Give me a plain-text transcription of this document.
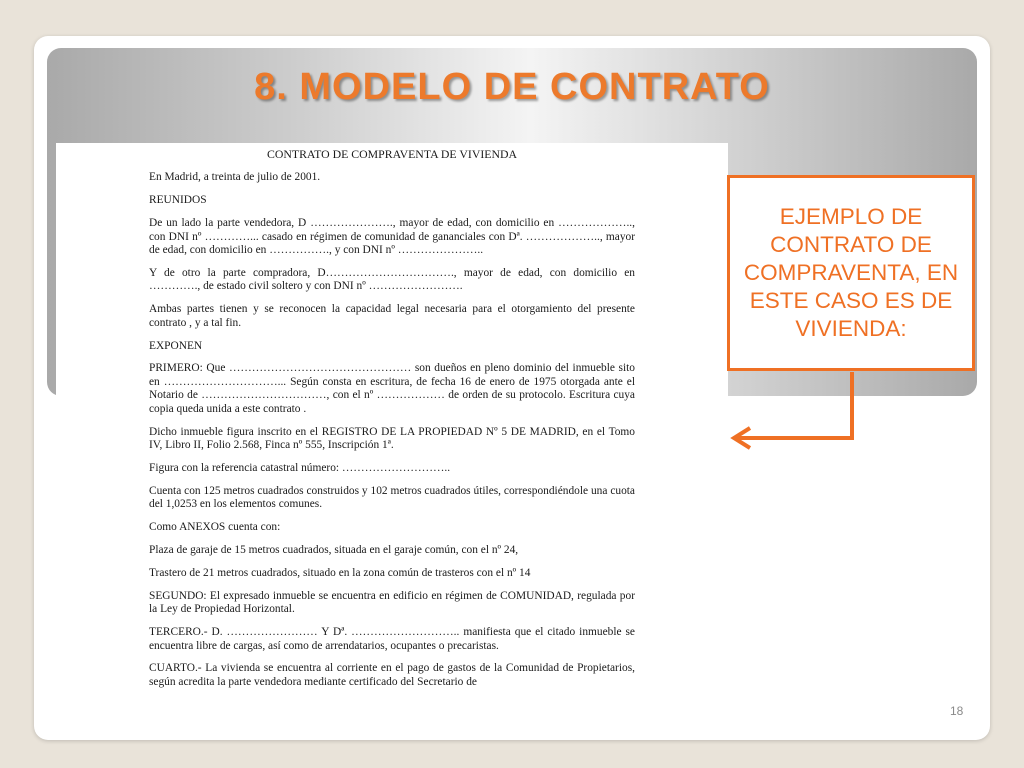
8. MODELO DE CONTRATO
CONTRATO DE COMPRAVENTA DE VIVIENDA

En Madrid, a treinta de julio de 2001.

REUNIDOS

De un lado la parte vendedora, D …………………., mayor de edad, con domicilio en ……………….., con DNI nº …………... casado en régimen de comunidad de gananciales con Dª. ……………….., mayor de edad, con domicilio en ……………., y con DNI nº …………………..

Y de otro la parte compradora, D……………………………., mayor de edad, con domicilio en …………., de estado civil soltero y con DNI nº …………………….

Ambas partes tienen y se reconocen la capacidad legal necesaria para el otorgamiento del presente contrato , y a tal fin.

EXPONEN

PRIMERO: Que ………………………………………… son dueños en pleno dominio del inmueble sito en …………………………... Según consta en escritura, de fecha 16 de enero de 1975 otorgada ante el Notario de ……………………………, con el nº ……………… de orden de su protocolo. Escritura cuya copia queda unida a este contrato .

Dicho inmueble figura inscrito en el REGISTRO DE LA PROPIEDAD Nº 5 DE MADRID, en el Tomo IV, Libro II, Folio 2.568, Finca nº 555, Inscripción 1ª.

Figura con la referencia catastral número: ………………………..

Cuenta con 125 metros cuadrados construidos y 102 metros cuadrados útiles, correspondiéndole una cuota del 1,0253 en los elementos comunes.

Como ANEXOS cuenta con:

Plaza de garaje de 15 metros cuadrados, situada en el garaje común, con el nº 24,

Trastero de 21 metros cuadrados, situado en la zona común de trasteros con el nº 14

SEGUNDO: El expresado inmueble se encuentra en edificio en régimen de COMUNIDAD, regulada por la Ley de Propiedad Horizontal.

TERCERO.- D. …………………… Y Dª. ……………………….. manifiesta que el citado inmueble se encuentra libre de cargas, así como de arrendatarios, ocupantes o precaristas.

CUARTO.- La vivienda se encuentra al corriente en el pago de gastos de la Comunidad de Propietarios, según acredita la parte vendedora mediante certificado del Secretario de

EJEMPLO DE CONTRATO DE COMPRAVENTA, EN ESTE CASO ES DE VIVIENDA:
18
